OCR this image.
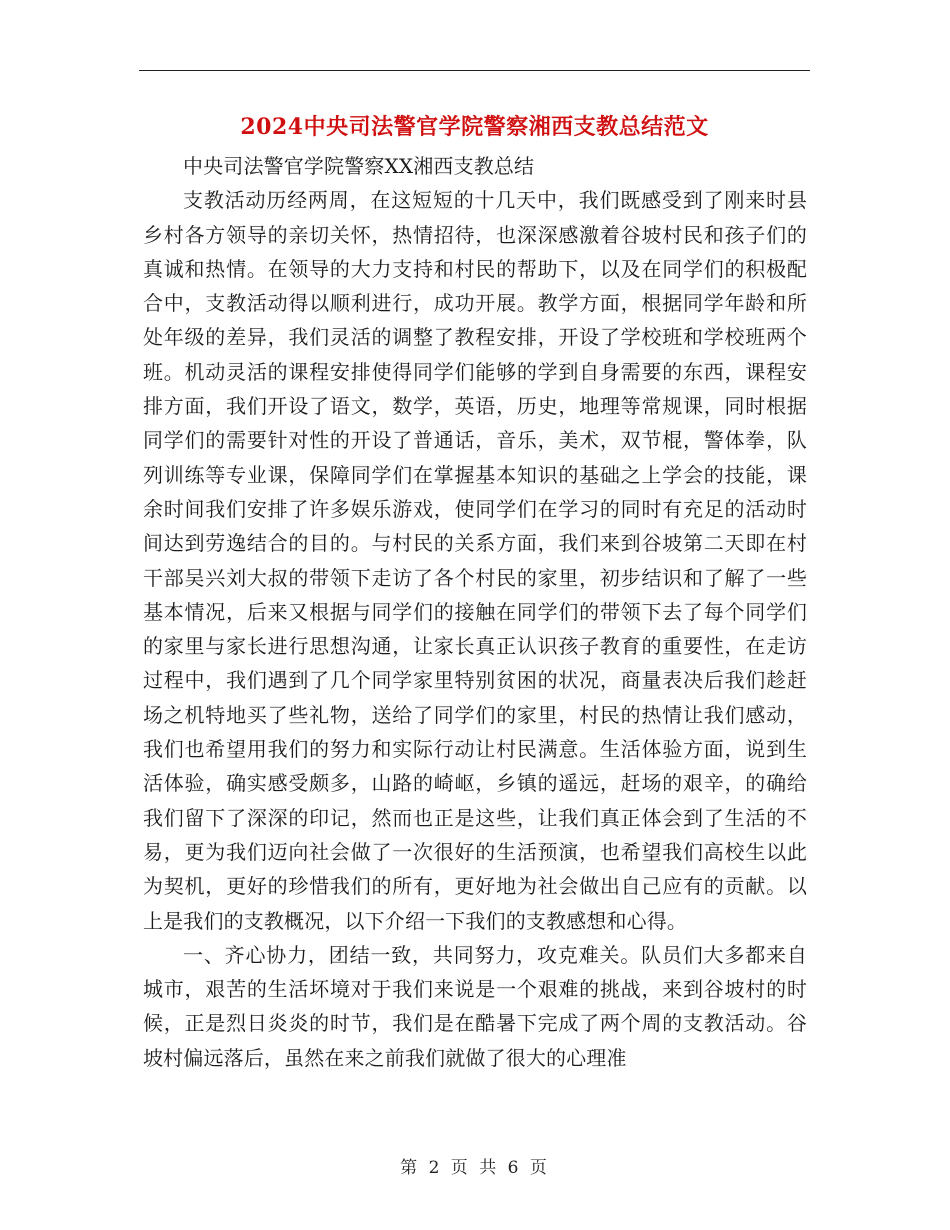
2024中央司法警官学院警察湘西支教总结范文

中央司法警官学院警察XX湘西支教总结

支教活动历经两周，在这短短的十几天中，我们既感受到了刚来时县乡村各方领导的亲切关怀，热情招待，也深深感激着谷坡村民和孩子们的真诚和热情。在领导的大力支持和村民的帮助下，以及在同学们的积极配合中，支教活动得以顺利进行，成功开展。教学方面，根据同学年龄和所处年级的差异，我们灵活的调整了教程安排，开设了学校班和学校班两个班。机动灵活的课程安排使得同学们能够的学到自身需要的东西，课程安排方面，我们开设了语文，数学，英语，历史，地理等常规课，同时根据同学们的需要针对性的开设了普通话，音乐，美术，双节棍，警体拳，队列训练等专业课，保障同学们在掌握基本知识的基础之上学会的技能，课余时间我们安排了许多娱乐游戏，使同学们在学习的同时有充足的活动时间达到劳逸结合的目的。与村民的关系方面，我们来到谷坡第二天即在村干部吴兴刘大叔的带领下走访了各个村民的家里，初步结识和了解了一些基本情况，后来又根据与同学们的接触在同学们的带领下去了每个同学们的家里与家长进行思想沟通，让家长真正认识孩子教育的重要性，在走访过程中，我们遇到了几个同学家里特别贫困的状况，商量表决后我们趁赶场之机特地买了些礼物，送给了同学们的家里，村民的热情让我们感动，我们也希望用我们的努力和实际行动让村民满意。生活体验方面，说到生活体验，确实感受颇多，山路的崎岖，乡镇的遥远，赶场的艰辛，的确给我们留下了深深的印记，然而也正是这些，让我们真正体会到了生活的不易，更为我们迈向社会做了一次很好的生活预演，也希望我们高校生以此为契机，更好的珍惜我们的所有，更好地为社会做出自己应有的贡献。以上是我们的支教概况，以下介绍一下我们的支教感想和心得。

一、齐心协力，团结一致，共同努力，攻克难关。队员们大多都来自城市，艰苦的生活坏境对于我们来说是一个艰难的挑战，来到谷坡村的时候，正是烈日炎炎的时节，我们是在酷暑下完成了两个周的支教活动。谷坡村偏远落后，虽然在来之前我们就做了很大的心理准

第 2 页 共 6 页
